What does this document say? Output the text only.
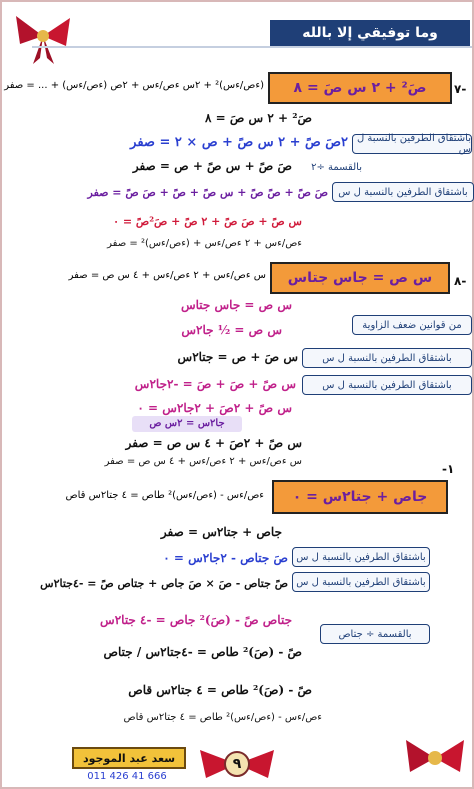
وما توفيقي إلا بالله
٧-
صَ² + ٢ س صَ = ٨
(ءص/ءس)² + ٢س ءص/ءس + ٢ص (ءص/ءس) + ... = صفر
صَ² + ٢ س صَ = ٨
باشتقاق الطرفين بالنسبة ل س
٢صَ صً + ٢ س صً + ص × ٢ = صفر
بالقسمة ÷٢
صَ صً + س صً + ص = صفر
باشتقاق الطرفين بالنسبة ل س
صَ صً + صً صً + س صً + صً + صَ صً = صفر
س صً + صَ صً + ٢ صً + صَ²صً = ٠
ءص/ءس + ٢ ءص/ءس + (ءص/ءس)² = صفر
٨-
س ص = جاس جتاس
س ءص/ءس + ٢ ءص/ءس + ٤ س ص = صفر
س ص = جاس جتاس
س ص = ½ جا٢س	من قوانين ضعف الزاوية
باشتقاق الطرفين بالنسبة ل س
س صَ + ص = جتا٢س
باشتقاق الطرفين بالنسبة ل س
س صً + صَ + صَ = -٢جا٢س
س صً + ٢صَ + ٢جا٢س = ٠
جا٢س = ٢س ص
س صً + ٢صَ + ٤ س ص = صفر
س ءص/ءس + ٢ ءص/ءس + ٤ س ص = صفر
-١
جاص + جتا٢س = ٠
ءص/ءس - (ءص/ءس)² طاص = ٤ جتا٢س قاص
جاص + جتا٢س = صفر
باشتقاق الطرفين بالنسبة ل س
صَ جتاص - ٢جا٢س = ٠
باشتقاق الطرفين بالنسبة ل س
صً جتاص - صَ × صَ جاص + جتاص صً = -٤جتا٢س
جتاص صً - (صَ)² جاص = -٤ جتا٢س
بالقسمة ÷ جتاص
صً - (صَ)² طاص = -٤جتا٢س / جتاص
صً - (صَ)² طاص = ٤ جتا٢س قاص
ءص/ءس - (ءص/ءس)² طاص = ٤ جتا٢س قاص
سعد عبد الموجود
011 426 41 666
٩
